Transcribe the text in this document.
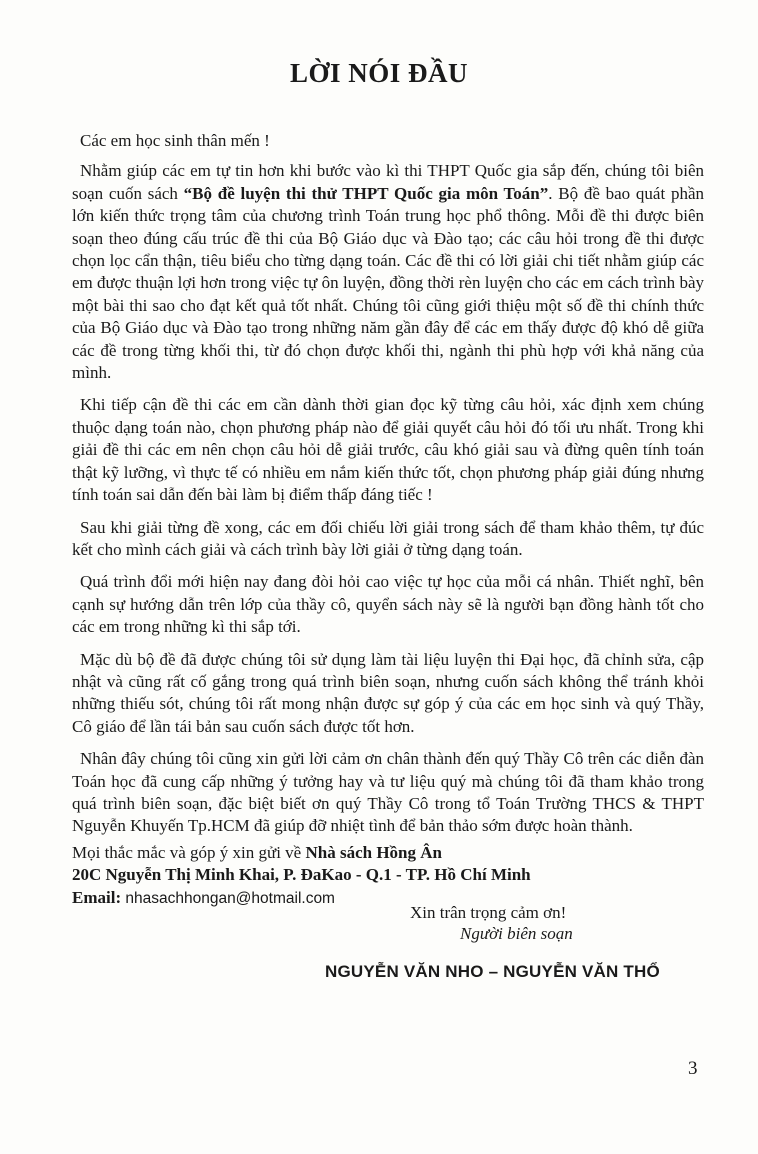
LỜI NÓI ĐẦU

Các em học sinh thân mến !

Nhằm giúp các em tự tin hơn khi bước vào kì thi THPT Quốc gia sắp đến, chúng tôi biên soạn cuốn sách “Bộ đề luyện thi thử THPT Quốc gia môn Toán”. Bộ đề bao quát phần lớn kiến thức trọng tâm của chương trình Toán trung học phổ thông. Mỗi đề thi được biên soạn theo đúng cấu trúc đề thi của Bộ Giáo dục và Đào tạo; các câu hỏi trong đề thi được chọn lọc cẩn thận, tiêu biểu cho từng dạng toán. Các đề thi có lời giải chi tiết nhằm giúp các em được thuận lợi hơn trong việc tự ôn luyện, đồng thời rèn luyện cho các em cách trình bày một bài thi sao cho đạt kết quả tốt nhất. Chúng tôi cũng giới thiệu một số đề thi chính thức của Bộ Giáo dục và Đào tạo trong những năm gần đây để các em thấy được độ khó dễ giữa các đề trong từng khối thi, từ đó chọn được khối thi, ngành thi phù hợp với khả năng của mình.

Khi tiếp cận đề thi các em cần dành thời gian đọc kỹ từng câu hỏi, xác định xem chúng thuộc dạng toán nào, chọn phương pháp nào để giải quyết câu hỏi đó tối ưu nhất. Trong khi giải đề thi các em nên chọn câu hỏi dễ giải trước, câu khó giải sau và đừng quên tính toán thật kỹ lưỡng, vì thực tế có nhiều em nắm kiến thức tốt, chọn phương pháp giải đúng nhưng tính toán sai dẫn đến bài làm bị điểm thấp đáng tiếc !

Sau khi giải từng đề xong, các em đối chiếu lời giải trong sách để tham khảo thêm, tự đúc kết cho mình cách giải và cách trình bày lời giải ở từng dạng toán.

Quá trình đổi mới hiện nay đang đòi hỏi cao việc tự học của mỗi cá nhân. Thiết nghĩ, bên cạnh sự hướng dẫn trên lớp của thầy cô, quyển sách này sẽ là người bạn đồng hành tốt cho các em trong những kì thi sắp tới.

Mặc dù bộ đề đã được chúng tôi sử dụng làm tài liệu luyện thi Đại học, đã chỉnh sửa, cập nhật và cũng rất cố gắng trong quá trình biên soạn, nhưng cuốn sách không thể tránh khỏi những thiếu sót, chúng tôi rất mong nhận được sự góp ý của các em học sinh và quý Thầy, Cô giáo để lần tái bản sau cuốn sách được tốt hơn.

Nhân đây chúng tôi cũng xin gửi lời cảm ơn chân thành đến quý Thầy Cô trên các diễn đàn Toán học đã cung cấp những ý tưởng hay và tư liệu quý mà chúng tôi đã tham khảo trong quá trình biên soạn, đặc biệt biết ơn quý Thầy Cô trong tổ Toán Trường THCS & THPT Nguyễn Khuyến Tp.HCM đã giúp đỡ nhiệt tình để bản thảo sớm được hoàn thành.

Mọi thắc mắc và góp ý xin gửi về Nhà sách Hồng Ân

20C Nguyễn Thị Minh Khai, P. ĐaKao - Q.1 - TP. Hồ Chí Minh

Email: nhasachhongan@hotmail.com

Xin trân trọng cảm ơn!
Người biên soạn
NGUYỄN VĂN NHO – NGUYỄN VĂN THỔ
3
